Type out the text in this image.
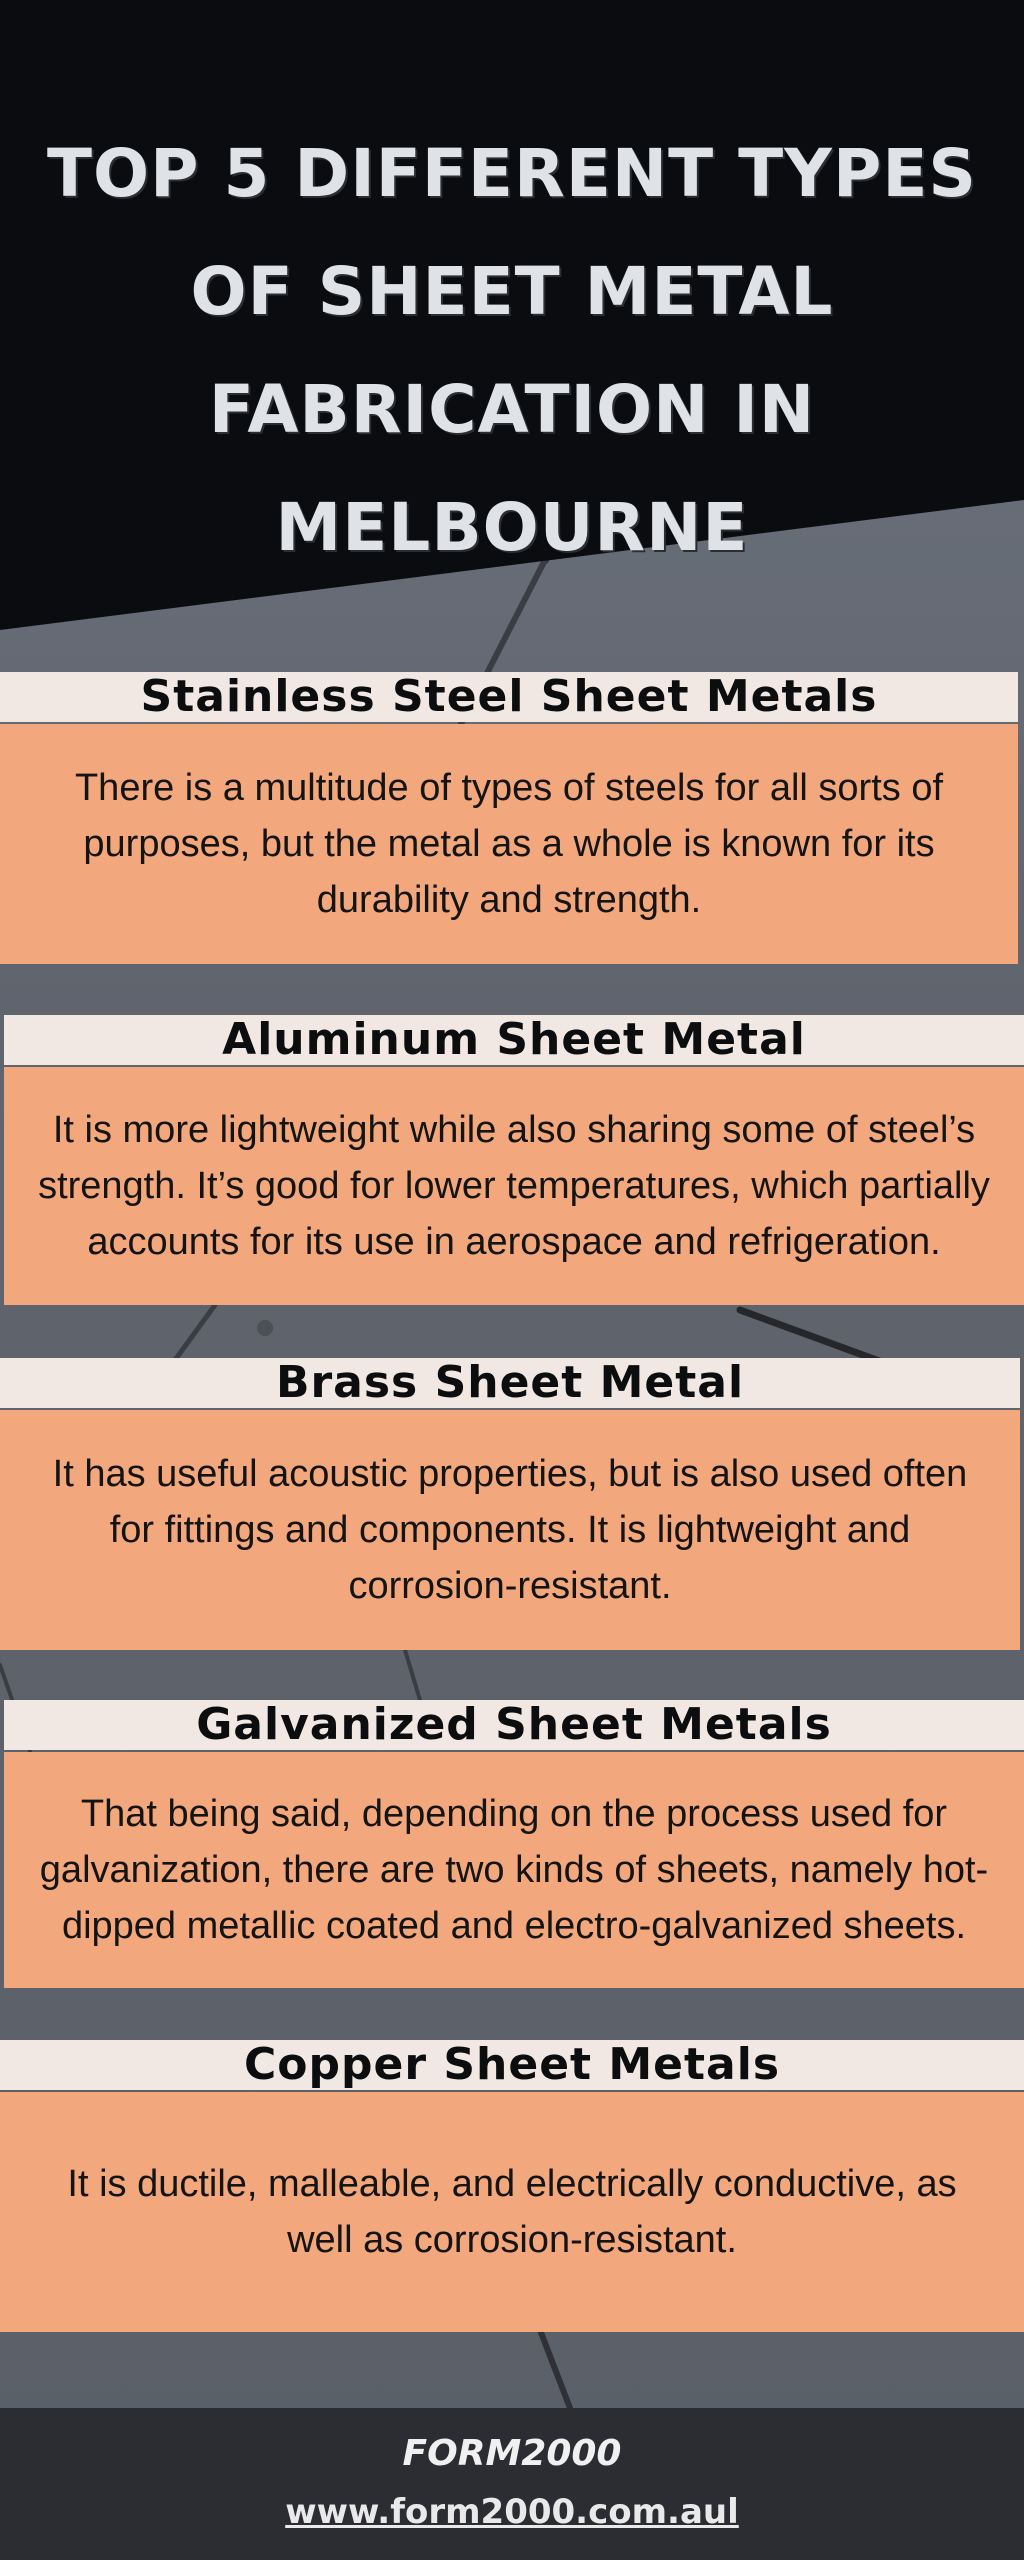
TOP 5 DIFFERENT TYPES OF SHEET METAL FABRICATION IN MELBOURNE
Stainless Steel Sheet Metals
There is a multitude of types of steels for all sorts of purposes, but the metal as a whole is known for its durability and strength.
Aluminum Sheet Metal
It is more lightweight while also sharing some of steel’s strength. It’s good for lower temperatures, which partially accounts for its use in aerospace and refrigeration.
Brass Sheet Metal
It has useful acoustic properties, but is also used often for fittings and components. It is lightweight and corrosion-resistant.
Galvanized Sheet Metals
That being said, depending on the process used for galvanization, there are two kinds of sheets, namely hot-dipped metallic coated and electro-galvanized sheets.
Copper Sheet Metals
It is ductile, malleable, and electrically conductive, as well as corrosion-resistant.
FORM2000
www.form2000.com.aul
